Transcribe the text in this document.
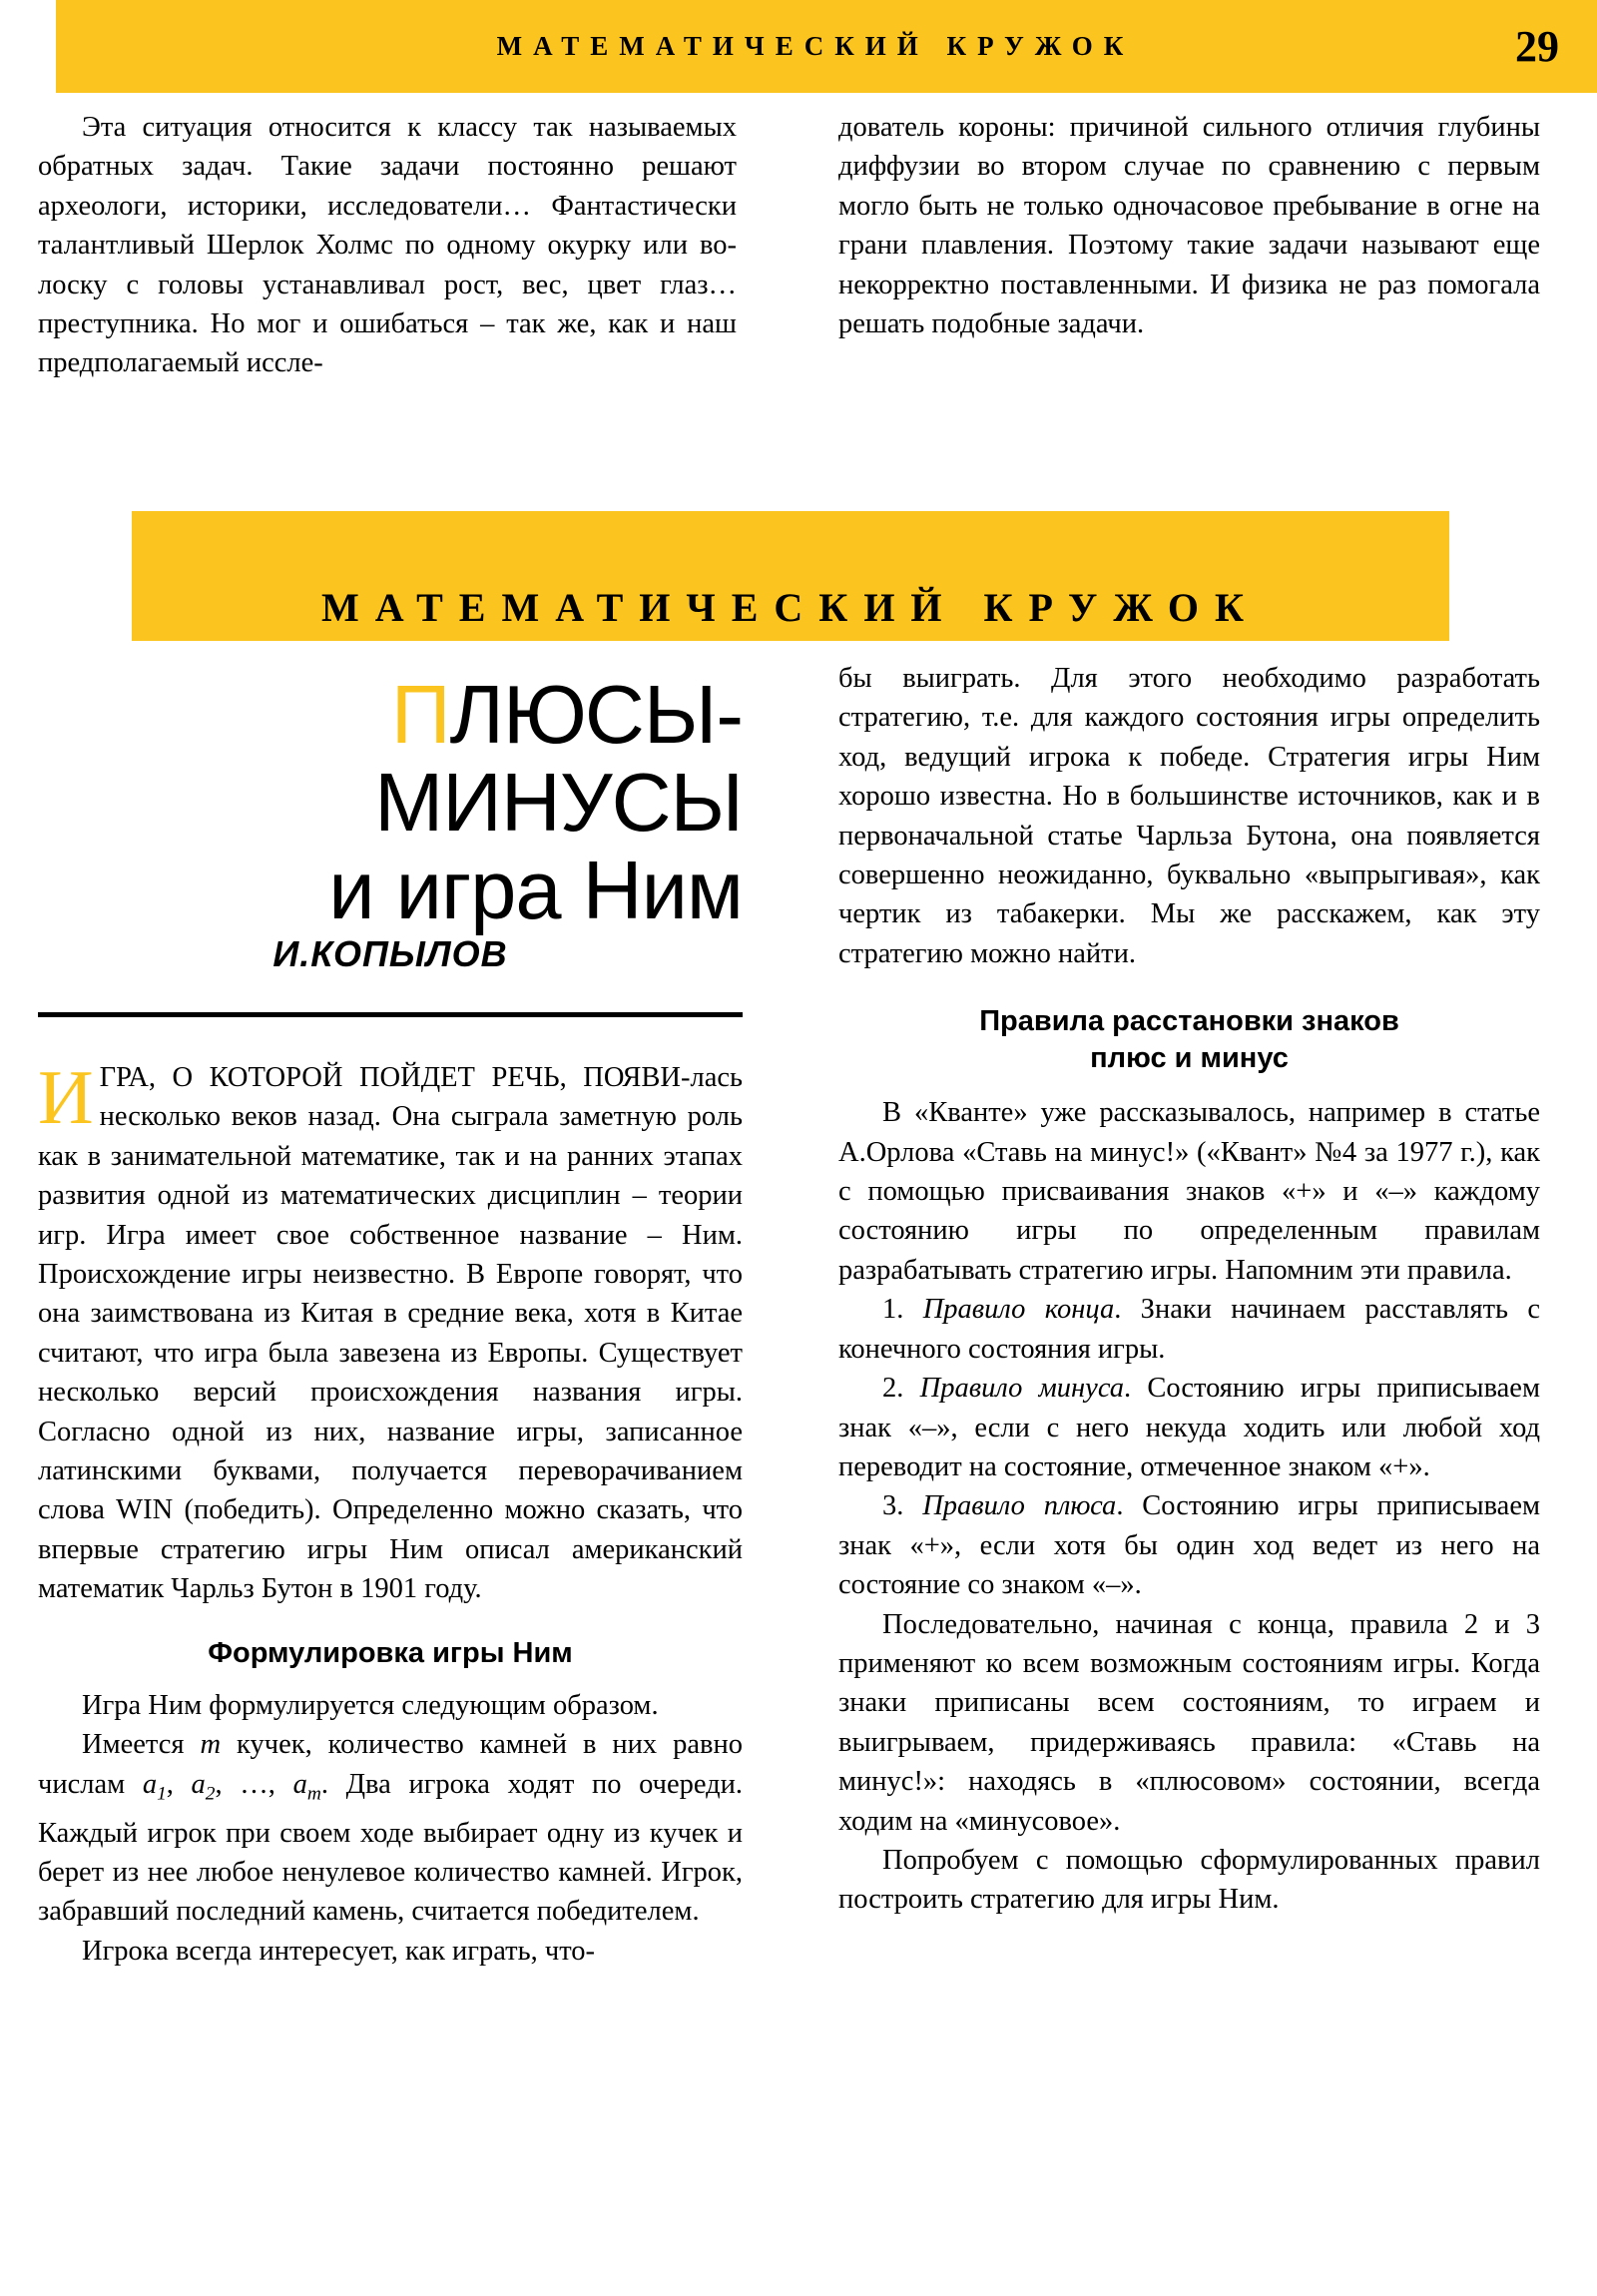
МАТЕМАТИЧЕСКИЙ КРУЖОК	29

Эта ситуация относится к классу так называемых обратных задач. Такие задачи постоянно решают археологи, историки, исследователи… Фантастически талантливый Шерлок Холмс по одному окурку или волоску с головы устанавливал рост, вес, цвет глаз… преступника. Но мог и ошибаться – так же, как и наш предполагаемый иссле-

дователь короны: причиной сильного отличия глубины диффузии во втором случае по сравнению с первым могло быть не только одночасовое пребывание в огне на грани плавления. Поэтому такие задачи называют еще некорректно поставленными. И физика не раз помогала решать подобные задачи.

МАТЕМАТИЧЕСКИЙ КРУЖОК
ПЛЮСЫ-МИНУСЫ
и игра Ним
И.КОПЫЛОВ

ИГРА, О КОТОРОЙ ПОЙДЕТ РЕЧЬ, ПОЯВИ-лась несколько веков назад. Она сыграла заметную роль как в занимательной математике, так и на ранних этапах развития одной из математических дисциплин – теории игр. Игра имеет свое собственное название – Ним. Происхождение игры неизвестно. В Европе говорят, что она заимствована из Китая в средние века, хотя в Китае считают, что игра была завезена из Европы. Существует несколько версий происхождения названия игры. Согласно одной из них, название игры, записанное латинскими буквами, получается переворачиванием слова WIN (победить). Определенно можно сказать, что впервые стратегию игры Ним описал американский математик Чарльз Бутон в 1901 году.

Формулировка игры Ним

Игра Ним формулируется следующим образом.

Имеется m кучек, количество камней в них равно числам $a_1$, $a_2$, …, $a_m$. Два игрока ходят по очереди. Каждый игрок при своем ходе выбирает одну из кучек и берет из нее любое ненулевое количество камней. Игрок, забравший последний камень, считается победителем.

Игрока всегда интересует, как играть, что-

бы выиграть. Для этого необходимо разработать стратегию, т.е. для каждого состояния игры определить ход, ведущий игрока к победе. Стратегия игры Ним хорошо известна. Но в большинстве источников, как и в первоначальной статье Чарльза Бутона, она появляется совершенно неожиданно, буквально «выпрыгивая», как чертик из табакерки. Мы же расскажем, как эту стратегию можно найти.

Правила расстановки знаков
плюс и минус

В «Кванте» уже рассказывалось, например в статье А.Орлова «Ставь на минус!» («Квант» №4 за 1977 г.), как с помощью присваивания знаков «+» и «–» каждому состоянию игры по определенным правилам разрабатывать стратегию игры. Напомним эти правила.

1. Правило конца. Знаки начинаем расставлять с конечного состояния игры.

2. Правило минуса. Состоянию игры приписываем знак «–», если с него некуда ходить или любой ход переводит на состояние, отмеченное знаком «+».

3. Правило плюса. Состоянию игры приписываем знак «+», если хотя бы один ход ведет из него на состояние со знаком «–».

Последовательно, начиная с конца, правила 2 и 3 применяют ко всем возможным состояниям игры. Когда знаки приписаны всем состояниям, то играем и выигрываем, придерживаясь правила: «Ставь на минус!»: находясь в «плюсовом» состоянии, всегда ходим на «минусовое».

Попробуем с помощью сформулированных правил построить стратегию для игры Ним.
